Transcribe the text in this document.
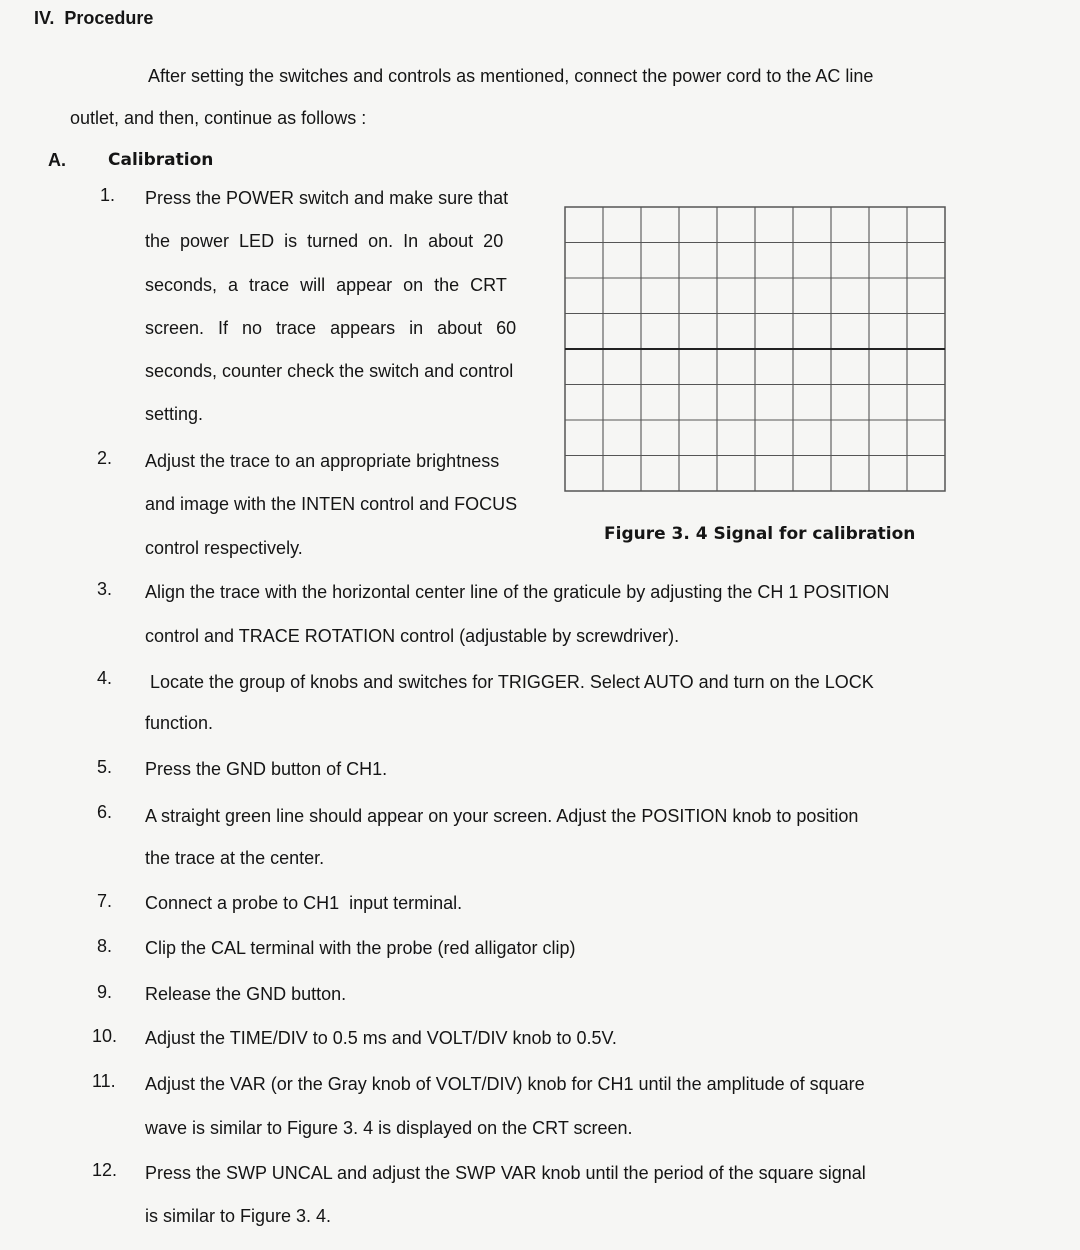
IV. Procedure
After setting the switches and controls as mentioned, connect the power cord to the AC line
outlet, and then, continue as follows :
A. Calibration
1. Press the POWER switch and make sure that
the power LED is turned on. In about 20
seconds, a trace will appear on the CRT
screen. If no trace appears in about 60
seconds, counter check the switch and control
setting.
2. Adjust the trace to an appropriate brightness
and image with the INTEN control and FOCUS
control respectively.
Figure 3. 4 Signal for calibration
3. Align the trace with the horizontal center line of the graticule by adjusting the CH 1 POSITION
control and TRACE ROTATION control (adjustable by screwdriver).
4. Locate the group of knobs and switches for TRIGGER. Select AUTO and turn on the LOCK
function.
5. Press the GND button of CH1.
6. A straight green line should appear on your screen. Adjust the POSITION knob to position
the trace at the center.
7. Connect a probe to CH1  input terminal.
8. Clip the CAL terminal with the probe (red alligator clip)
9. Release the GND button.
10. Adjust the TIME/DIV to 0.5 ms and VOLT/DIV knob to 0.5V.
11. Adjust the VAR (or the Gray knob of VOLT/DIV) knob for CH1 until the amplitude of square
wave is similar to Figure 3. 4 is displayed on the CRT screen.
12. Press the SWP UNCAL and adjust the SWP VAR knob until the period of the square signal
is similar to Figure 3. 4.
